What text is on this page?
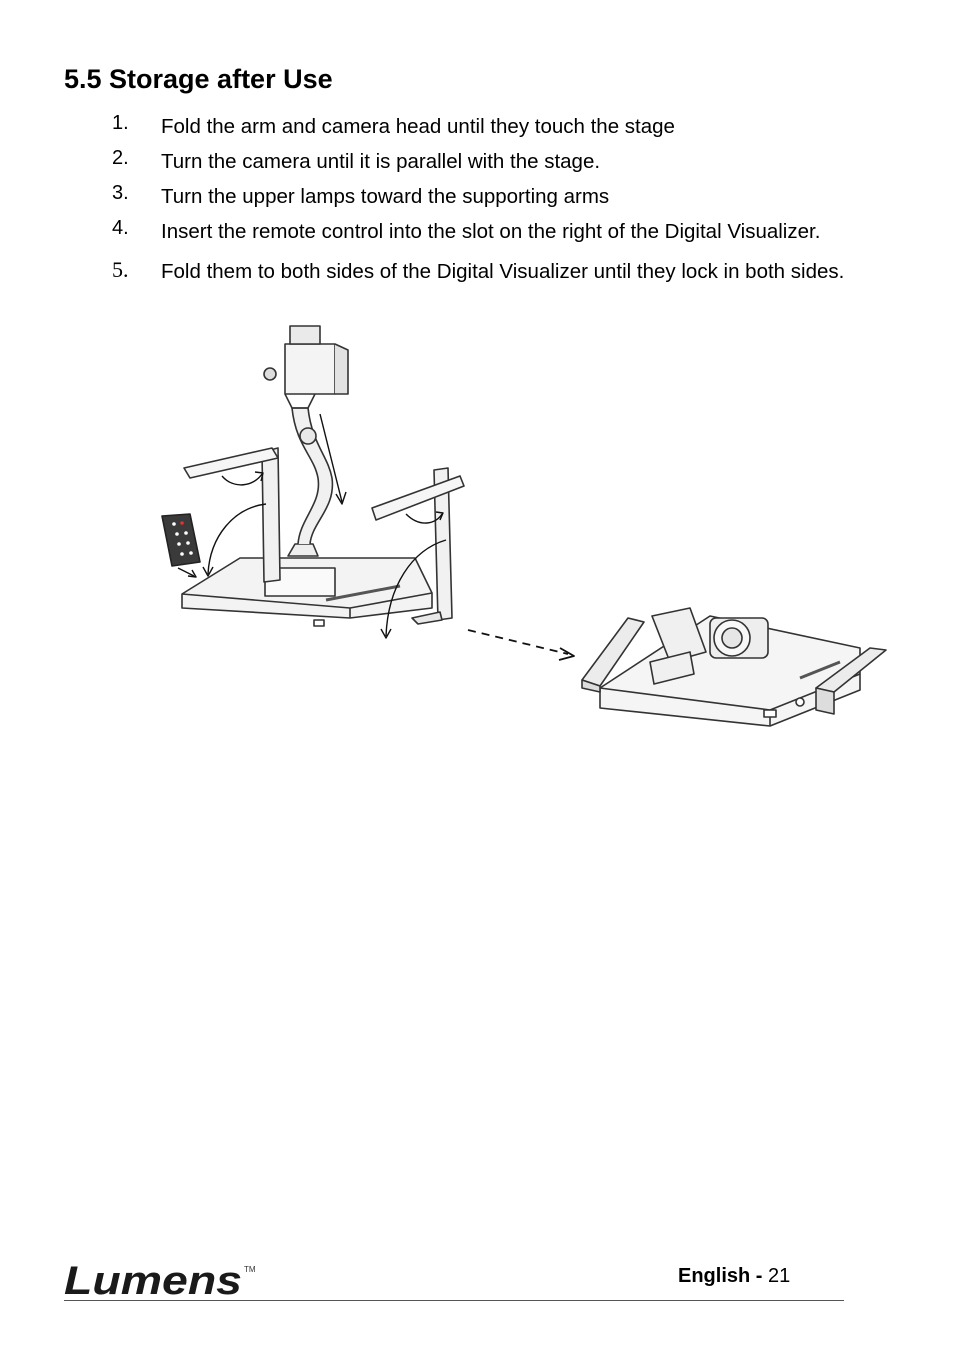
5.5 Storage after Use
1. Fold the arm and camera head until they touch the stage
2. Turn the camera until it is parallel with the stage.
3. Turn the upper lamps toward the supporting arms
4. Insert the remote control into the slot on the right of the Digital Visualizer.
5. Fold them to both sides of the Digital Visualizer until they lock in both sides.
Lumens TM	English - 21
